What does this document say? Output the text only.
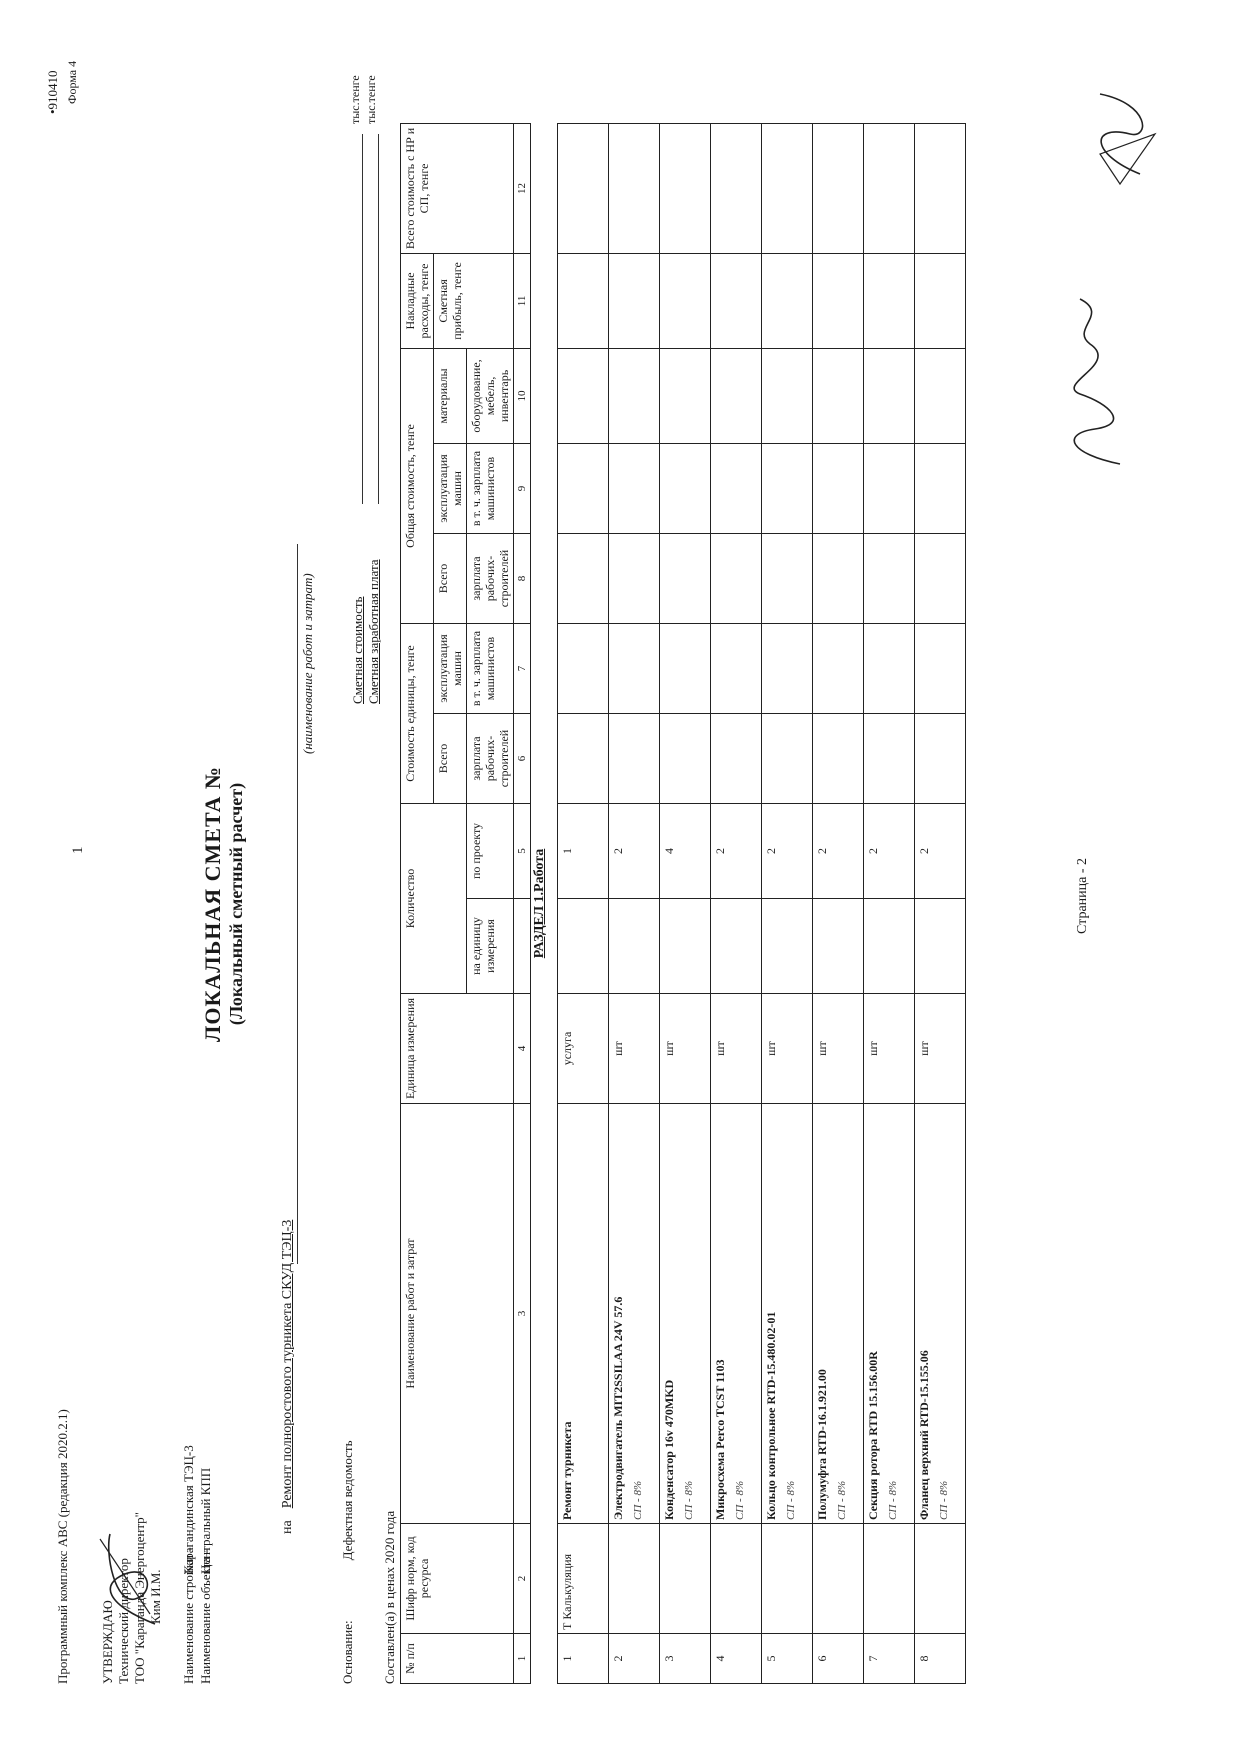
Программный комплекс АВС (редакция 2020.2.1)
1
•910410 Форма 4
УТВЕРЖДАЮ Технический директор ТОО "Караганда Энергоцентр" Ким И.М. Наименование стройки -Карагандинская ТЭЦ-3
Наименование объекта -Центральный КПП
ЛОКАЛЬНАЯ СМЕТА № (Локальный сметный расчет)
наРемонт полноростового турникета СКУД ТЭЦ-3
(наименование работ и затрат)
Основание:Дефектная ведомость
Сметная стоимость Сметная заработная плата
тыс.тенге тыс.тенге
Составлен(а) в ценах 2020 года № п/п	Шифр норм, код ресурса	Наименование работ и затрат	Единица измерения	Количество		Стоимость единицы, тенге		Общая стоимость, тенге			Накладные расходы, тенге	Всего стоимость с НР и СП, тенге
						Всего	эксплуатация машин	Всего	эксплуатация машин	материалы	Сметная прибыль, тенге	
				на единицу измерения	по проекту	зарплата рабочих-строителей	в т. ч. зарплата машинистов	зарплата рабочих-строителей	в т. ч. зарплата машинистов	оборудование, мебель, инвентарь		
1	2	3	4		5	6	7	8	9	10	11	12
РАЗДЕЛ 1.Работа												
1	Т Калькуляция	Ремонт турникета	услуга		1							
2		Электродвигатель MIT2SSILAA 24V 57.6 СП - 8%	шт		2							
3		Конденсатор 16v 470MKD СП - 8%	шт		4							
4		Микросхема Perco TCST 1103 СП - 8%	шт		2							
5		Кольцо контрольное RTD-15.480.02-01 СП - 8%	шт		2							
6		Полумуфта RTD-16.1.921.00 СП - 8%	шт		2							
7		Секция ротора RTD 15.156.00R СП - 8%	шт		2							
8		Фланец верхний RTD-15.155.06 СП - 8%	шт		2							
Страница - 2
